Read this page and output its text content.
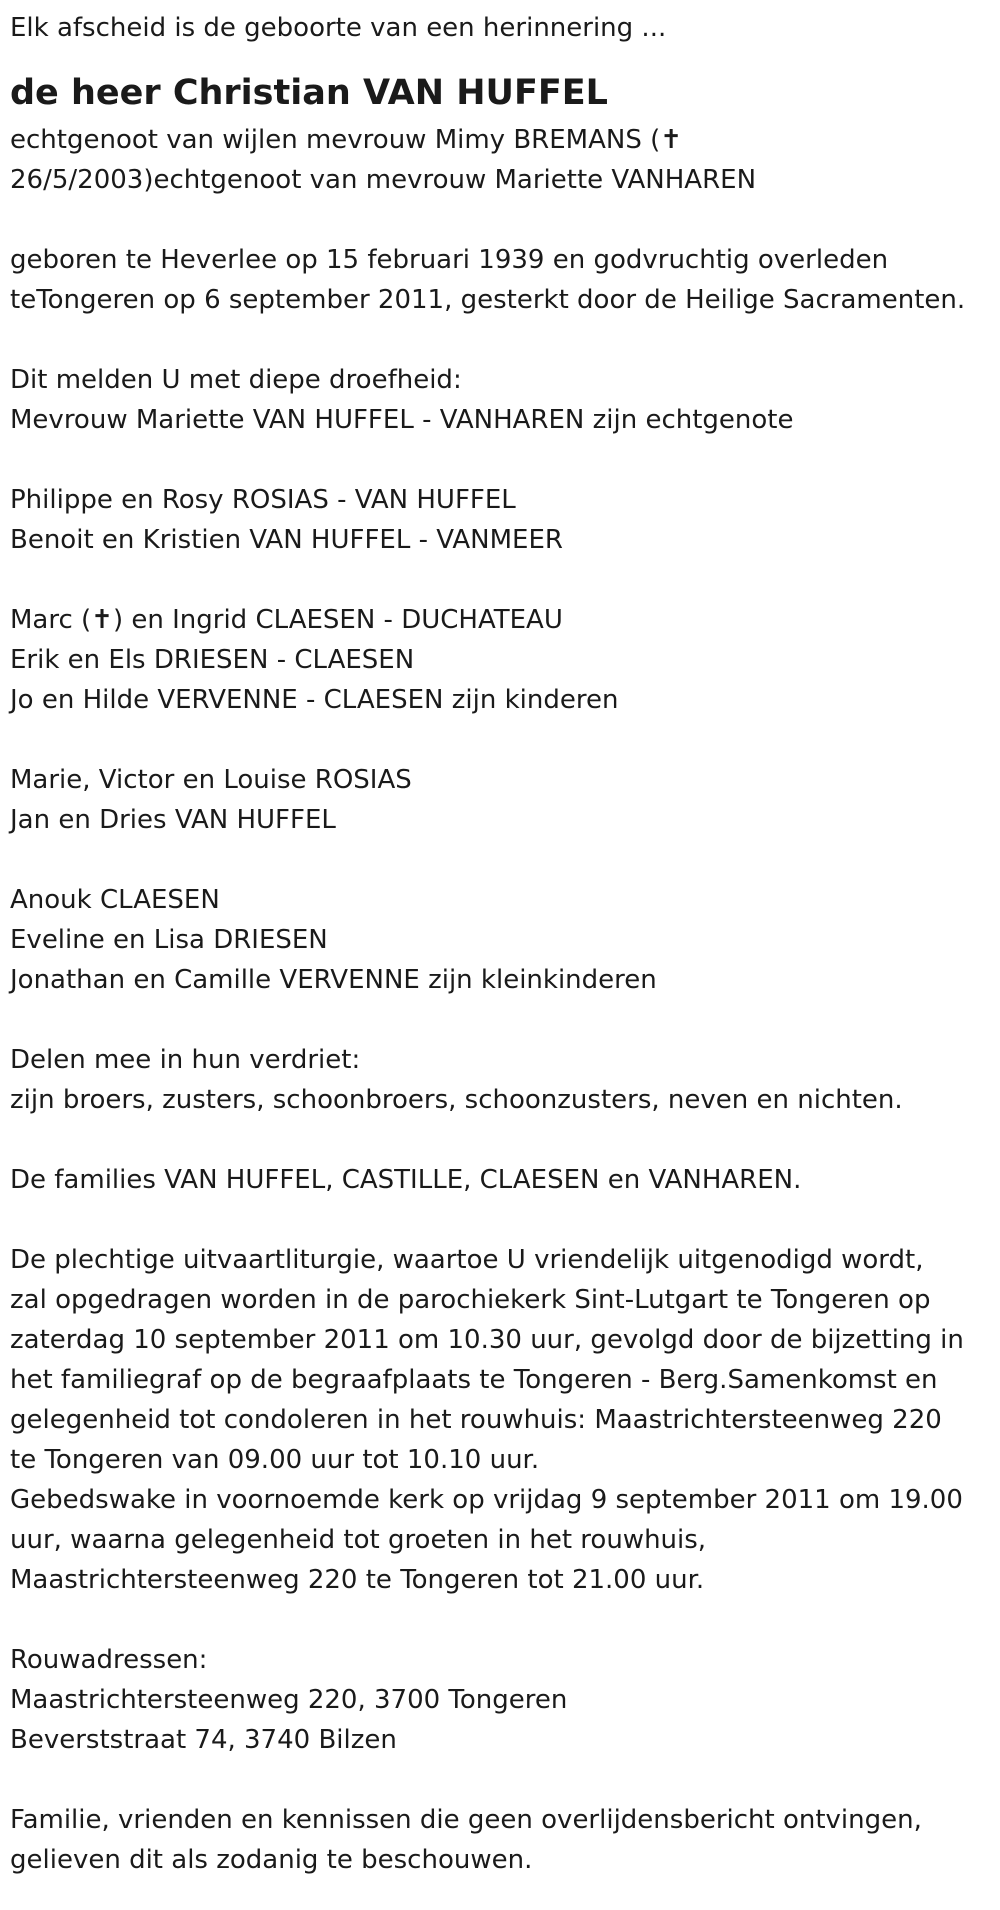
Elk afscheid is de geboorte van een herinnering ...
de heer Christian VAN HUFFEL
echtgenoot van wijlen mevrouw Mimy BREMANS (✝
26/5/2003)echtgenoot van mevrouw Mariette VANHAREN
geboren te Heverlee op 15 februari 1939 en godvruchtig overleden
teTongeren op 6 september 2011, gesterkt door de Heilige Sacramenten.
Dit melden U met diepe droefheid:
Mevrouw Mariette VAN HUFFEL - VANHAREN zijn echtgenote
Philippe en Rosy ROSIAS - VAN HUFFEL
Benoit en Kristien VAN HUFFEL - VANMEER
Marc (✝) en Ingrid CLAESEN - DUCHATEAU
Erik en Els DRIESEN - CLAESEN
Jo en Hilde VERVENNE - CLAESEN zijn kinderen
Marie, Victor en Louise ROSIAS
Jan en Dries VAN HUFFEL
Anouk CLAESEN
Eveline en Lisa DRIESEN
Jonathan en Camille VERVENNE zijn kleinkinderen
Delen mee in hun verdriet:
zijn broers, zusters, schoonbroers, schoonzusters, neven en nichten.
De families VAN HUFFEL, CASTILLE, CLAESEN en VANHAREN.
De plechtige uitvaartliturgie, waartoe U vriendelijk uitgenodigd wordt,
zal opgedragen worden in de parochiekerk Sint-Lutgart te Tongeren op
zaterdag 10 september 2011 om 10.30 uur, gevolgd door de bijzetting in
het familiegraf op de begraafplaats te Tongeren - Berg.Samenkomst en
gelegenheid tot condoleren in het rouwhuis: Maastrichtersteenweg 220
te Tongeren van 09.00 uur tot 10.10 uur.
Gebedswake in voornoemde kerk op vrijdag 9 september 2011 om 19.00
uur, waarna gelegenheid tot groeten in het rouwhuis,
Maastrichtersteenweg 220 te Tongeren tot 21.00 uur.
Rouwadressen:
Maastrichtersteenweg 220, 3700 Tongeren
Beverststraat 74, 3740 Bilzen
Familie, vrienden en kennissen die geen overlijdensbericht ontvingen,
gelieven dit als zodanig te beschouwen.
